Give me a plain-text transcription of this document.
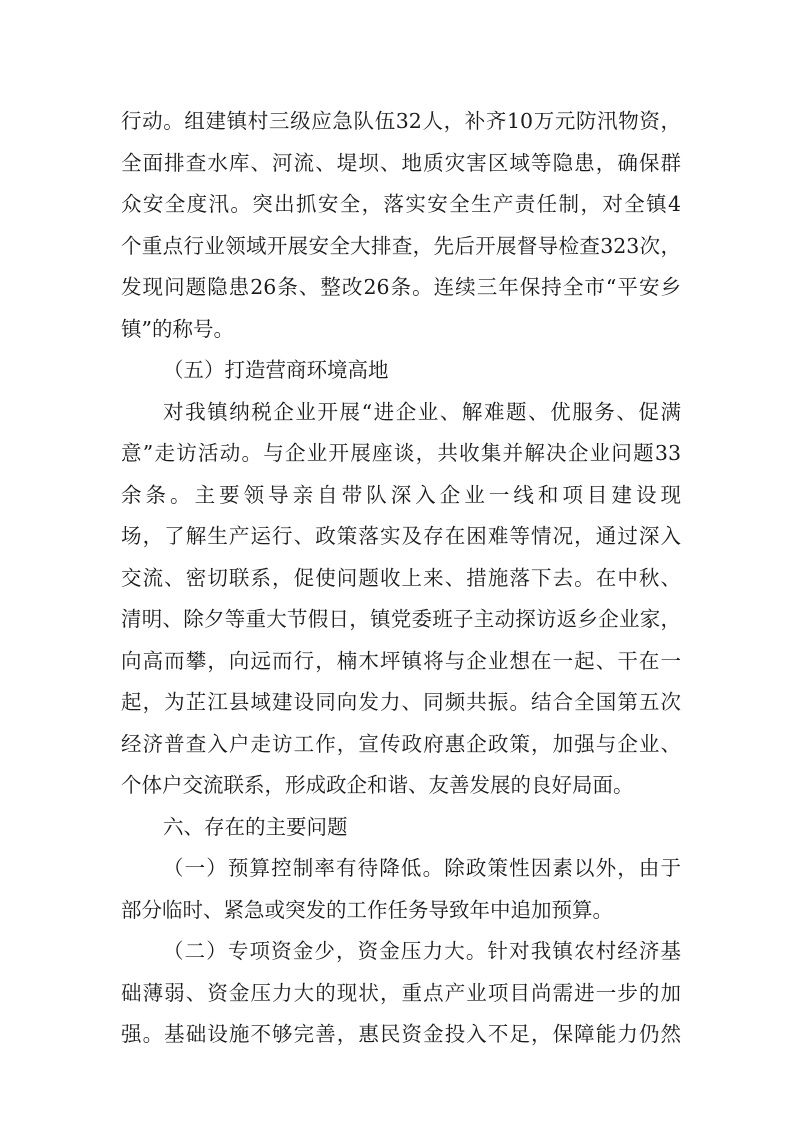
行动。组建镇村三级应急队伍32人，补齐10万元防汛物资，
全面排查水库、河流、堤坝、地质灾害区域等隐患，确保群
众安全度汛。突出抓安全，落实安全生产责任制，对全镇4
个重点行业领域开展安全大排查，先后开展督导检查323次，
发现问题隐患26条、整改26条。连续三年保持全市“平安乡
镇”的称号。
（五）打造营商环境高地
对我镇纳税企业开展“进企业、解难题、优服务、促满
意”走访活动。与企业开展座谈，共收集并解决企业问题33
余条。主要领导亲自带队深入企业一线和项目建设现
场，了解生产运行、政策落实及存在困难等情况，通过深入
交流、密切联系，促使问题收上来、措施落下去。在中秋、
清明、除夕等重大节假日，镇党委班子主动探访返乡企业家，
向高而攀，向远而行，楠木坪镇将与企业想在一起、干在一
起，为芷江县域建设同向发力、同频共振。结合全国第五次
经济普查入户走访工作，宣传政府惠企政策，加强与企业、
个体户交流联系，形成政企和谐、友善发展的良好局面。
六、存在的主要问题
（一）预算控制率有待降低。除政策性因素以外，由于
部分临时、紧急或突发的工作任务导致年中追加预算。
（二）专项资金少，资金压力大。针对我镇农村经济基
础薄弱、资金压力大的现状，重点产业项目尚需进一步的加
强。基础设施不够完善，惠民资金投入不足，保障能力仍然
